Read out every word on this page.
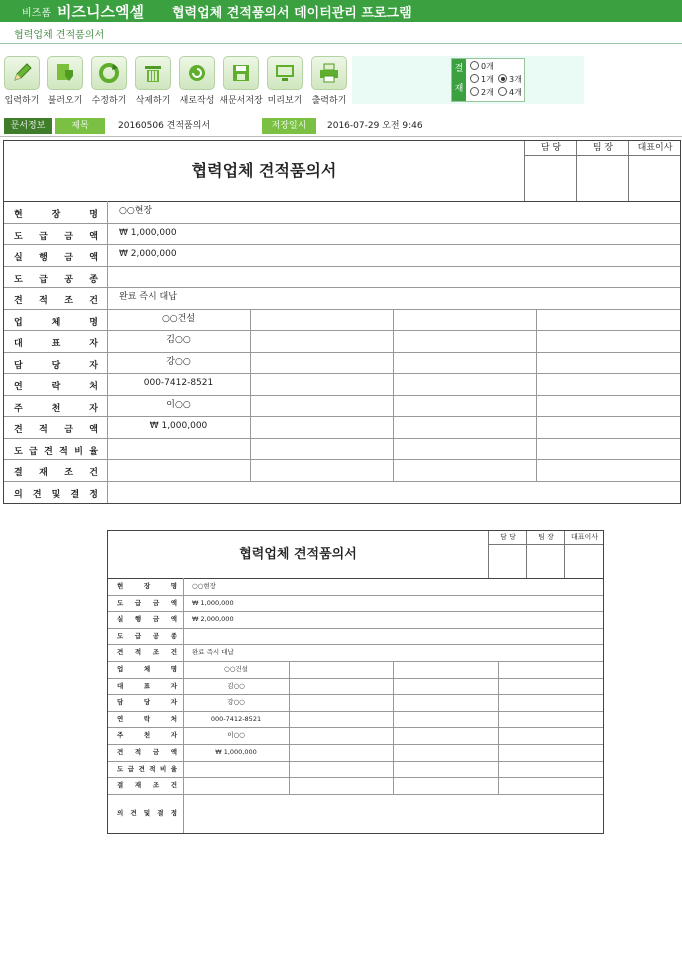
비즈폼 비즈니스엑셀 협력업체 견적품의서 데이터관리 프로그램
협력업체 견적품의서
입력하기 불러오기	수정하기	삭제하기	새로작성 새문서저장 미리보기	출력하기
결재
0개
1개
2개
3개
4개
문서정보	제목	20160506 견적품의서	저장일시	2016-07-29 오전 9:46
협력업체 견적품의서
담 당	팀 장	대표이사
현 장 명 ○○현장
도 급 금 액 ₩ 1,000,000
실 행 금 액 ₩ 2,000,000
도 급 공 종
견 적 조 건 완료 즉시 대납
업 체 명	○○건설
대 표 자	김○○
담 당 자	강○○
연 락 처	000-7412-8521
주 천 자	이○○
견 적 금 액	₩ 1,000,000
도 급 견 적 비 율
결 재 조 건
의 견 및 결 정
협력업체 견적품의서
담 당	팀 장	대표이사
현 장 명 ○○현장
도 급 금 액 ₩ 1,000,000
실 행 금 액 ₩ 2,000,000
도 급 공 종
견 적 조 건 완료 즉시 대납
업 체 명	○○건설
대 표 자	김○○
담 당 자	강○○
연 락 처	000-7412-8521
주 천 자	이○○
견 적 금 액	₩ 1,000,000
도 급 견 적 비 율
결 재 조 건
의 견 및 결 정
